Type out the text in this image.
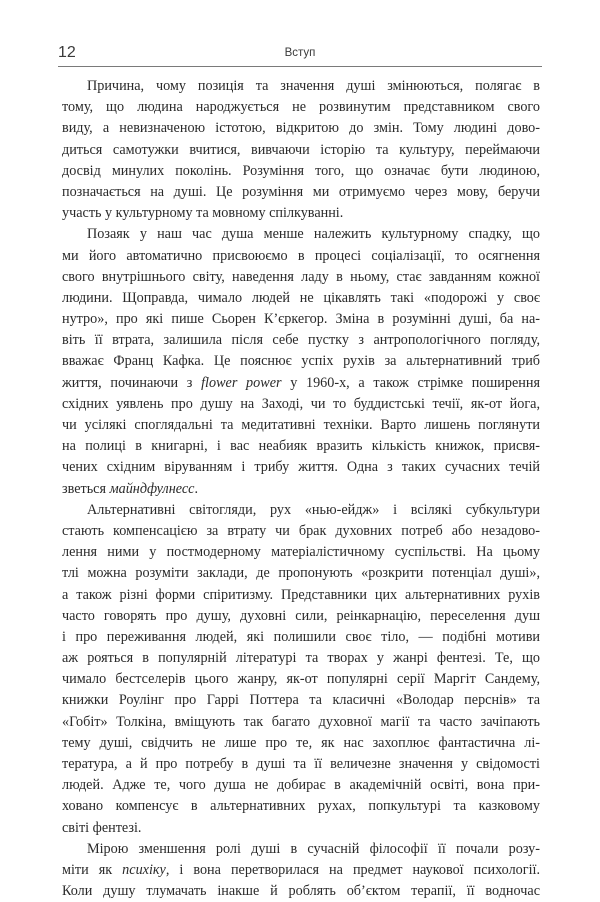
12	Вступ
Причина, чому позиція та значення душі змінюються, полягає в
тому, що людина народжується не розвинутим представником свого
виду, а невизначеною істотою, відкритою до змін. Тому людині дово-
диться самотужки вчитися, вивчаючи історію та культуру, переймаючи
досвід минулих поколінь. Розуміння того, що означає бути людиною,
позначається на душі. Це розуміння ми отримуємо через мову, беручи
участь у культурному та мовному спілкуванні.
Позаяк у наш час душа менше належить культурному спадку, що
ми його автоматично присвоюємо в процесі соціалізації, то осягнення
свого внутрішнього світу, наведення ладу в ньому, стає завданням кожної
людини. Щоправда, чимало людей не цікавлять такі «подорожі у своє
нутро», про які пише Сьорен К’єркегор. Зміна в розумінні душі, ба на-
віть її втрата, залишила після себе пустку з антропологічного погляду,
вважає Франц Кафка. Це пояснює успіх рухів за альтернативний триб
життя, починаючи з flower power у 1960-х, а також стрімке поширення
східних уявлень про душу на Заході, чи то буддистські течії, як-от йога,
чи усілякі споглядальні та медитативні техніки. Варто лишень поглянути
на полиці в книгарні, і вас неабияк вразить кількість книжок, присвя-
чених східним віруванням і трибу життя. Одна з таких сучасних течій
зветься майндфулнесс.
Альтернативні світогляди, рух «нью-ейдж» і всілякі субкультури
стають компенсацією за втрату чи брак духовних потреб або незадово-
лення ними у постмодерному матеріалістичному суспільстві. На цьому
тлі можна розуміти заклади, де пропонують «розкрити потенціал душі»,
а також різні форми спіритизму. Представники цих альтернативних рухів
часто говорять про душу, духовні сили, реінкарнацію, переселення душ
і про переживання людей, які полишили своє тіло, — подібні мотиви
аж рояться в популярній літературі та творах у жанрі фентезі. Те, що
чимало бестселерів цього жанру, як-от популярні серії Маргіт Сандему,
книжки Роулінг про Гаррі Поттера та класичні «Володар перснів» та
«Гобіт» Толкіна, вміщують так багато духовної магії та часто зачіпають
тему душі, свідчить не лише про те, як нас захоплює фантастична лі-
тература, а й про потребу в душі та її величезне значення у свідомості
людей. Адже те, чого душа не добирає в академічній освіті, вона при-
ховано компенсує в альтернативних рухах, попкультурі та казковому
світі фентезі.
Мірою зменшення ролі душі в сучасній філософії її почали розу-
міти як психіку, і вона перетворилася на предмет наукової психології.
Коли душу тлумачать інакше й роблять об’єктом терапії, її водночас
